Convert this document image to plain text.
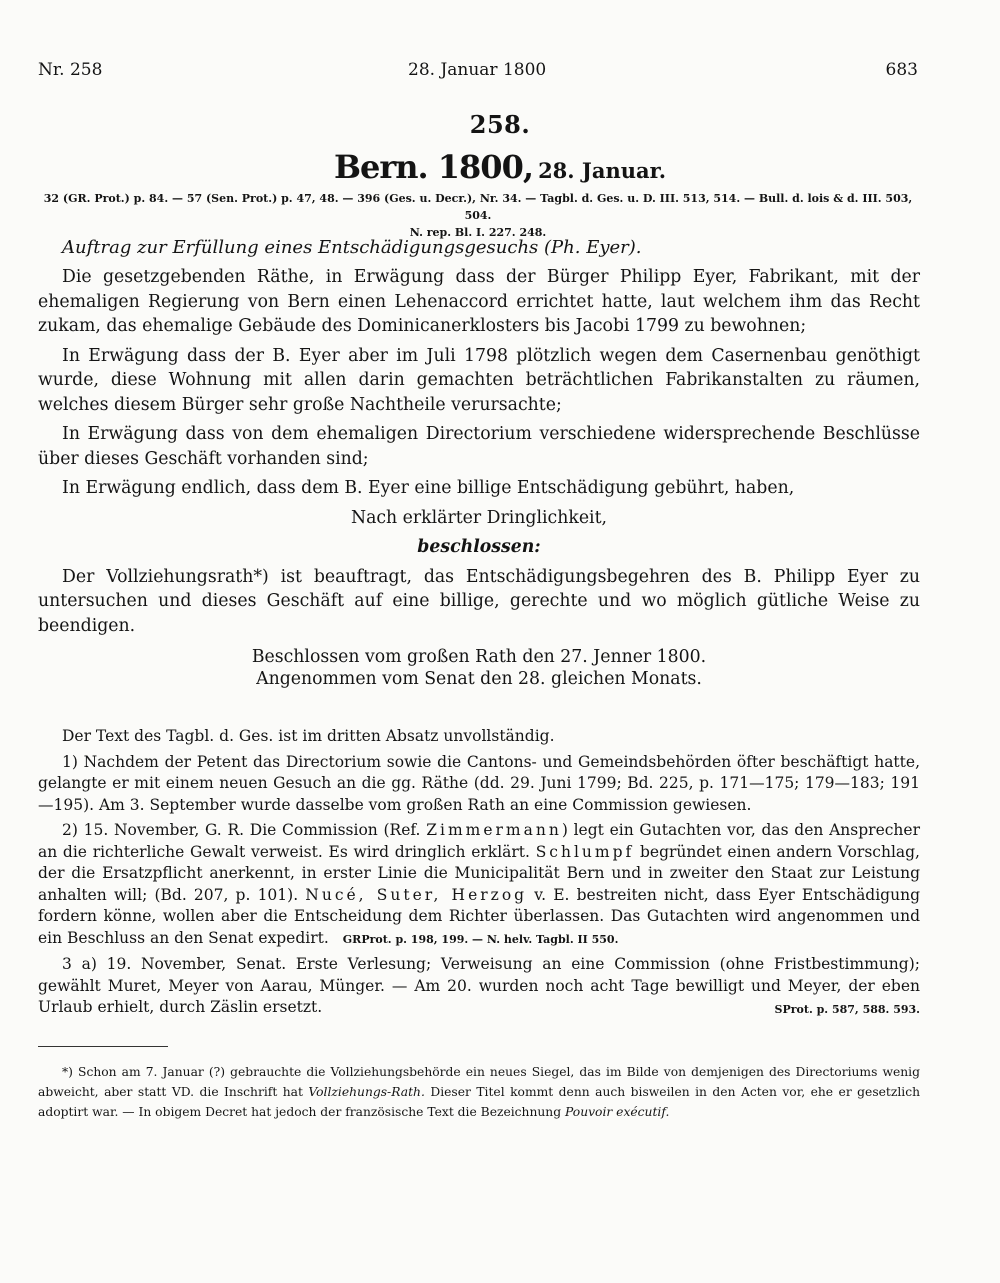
Nr. 258	28. Januar 1800	683
258.
Bern. 1800, 28. Januar.
32 (GR. Prot.) p. 84. — 57 (Sen. Prot.) p. 47, 48. — 396 (Ges. u. Decr.), Nr. 34. — Tagbl. d. Ges. u. D. III. 513, 514. — Bull. d. lois & d. III. 503, 504.
N. rep. Bl. I. 227. 248.
Auftrag zur Erfüllung eines Entschädigungsgesuchs (Ph. Eyer).

Die gesetzgebenden Räthe, in Erwägung dass der Bürger Philipp Eyer, Fabrikant, mit der ehemaligen Regierung von Bern einen Lehenaccord errichtet hatte, laut welchem ihm das Recht zukam, das ehemalige Gebäude des Dominicanerklosters bis Jacobi 1799 zu bewohnen;

In Erwägung dass der B. Eyer aber im Juli 1798 plötzlich wegen dem Casernenbau genöthigt wurde, diese Wohnung mit allen darin gemachten beträchtlichen Fabrikanstalten zu räumen, welches diesem Bürger sehr große Nachtheile verursachte;

In Erwägung dass von dem ehemaligen Directorium verschiedene widersprechende Beschlüsse über dieses Geschäft vorhanden sind;

In Erwägung endlich, dass dem B. Eyer eine billige Entschädigung gebührt, haben,

Nach erklärter Dringlichkeit,

beschlossen:

Der Vollziehungsrath*) ist beauftragt, das Entschädigungsbegehren des B. Philipp Eyer zu untersuchen und dieses Geschäft auf eine billige, gerechte und wo möglich gütliche Weise zu beendigen.

Beschlossen vom großen Rath den 27. Jenner 1800.
Angenommen vom Senat den 28. gleichen Monats.

Der Text des Tagbl. d. Ges. ist im dritten Absatz unvollständig.

1) Nachdem der Petent das Directorium sowie die Cantons- und Gemeindsbehörden öfter beschäftigt hatte, gelangte er mit einem neuen Gesuch an die gg. Räthe (dd. 29. Juni 1799; Bd. 225, p. 171—175; 179—183; 191—195). Am 3. September wurde dasselbe vom großen Rath an eine Commission gewiesen.

2) 15. November, G. R. Die Commission (Ref. Zimmermann) legt ein Gutachten vor, das den Ansprecher an die richterliche Gewalt verweist. Es wird dringlich erklärt. Schlumpf begründet einen andern Vorschlag, der die Ersatzpflicht anerkennt, in erster Linie die Municipalität Bern und in zweiter den Staat zur Leistung anhalten will; (Bd. 207, p. 101). Nucé, Suter, Herzog v. E. bestreiten nicht, dass Eyer Entschädigung fordern könne, wollen aber die Entscheidung dem Richter überlassen. Das Gutachten wird angenommen und ein Beschluss an den Senat expedirt. GRProt. p. 198, 199. — N. helv. Tagbl. II 550.

3 a) 19. November, Senat. Erste Verlesung; Verweisung an eine Commission (ohne Fristbestimmung); gewählt Muret, Meyer von Aarau, Münger. — Am 20. wurden noch acht Tage bewilligt und Meyer, der eben Urlaub erhielt, durch Zäslin ersetzt.	SProt. p. 587, 588. 593.

*) Schon am 7. Januar (?) gebrauchte die Vollziehungsbehörde ein neues Siegel, das im Bilde von demjenigen des Directoriums wenig abweicht, aber statt VD. die Inschrift hat Vollziehungs-Rath. Dieser Titel kommt denn auch bisweilen in den Acten vor, ehe er gesetzlich adoptirt war. — In obigem Decret hat jedoch der französische Text die Bezeichnung Pouvoir exécutif.
